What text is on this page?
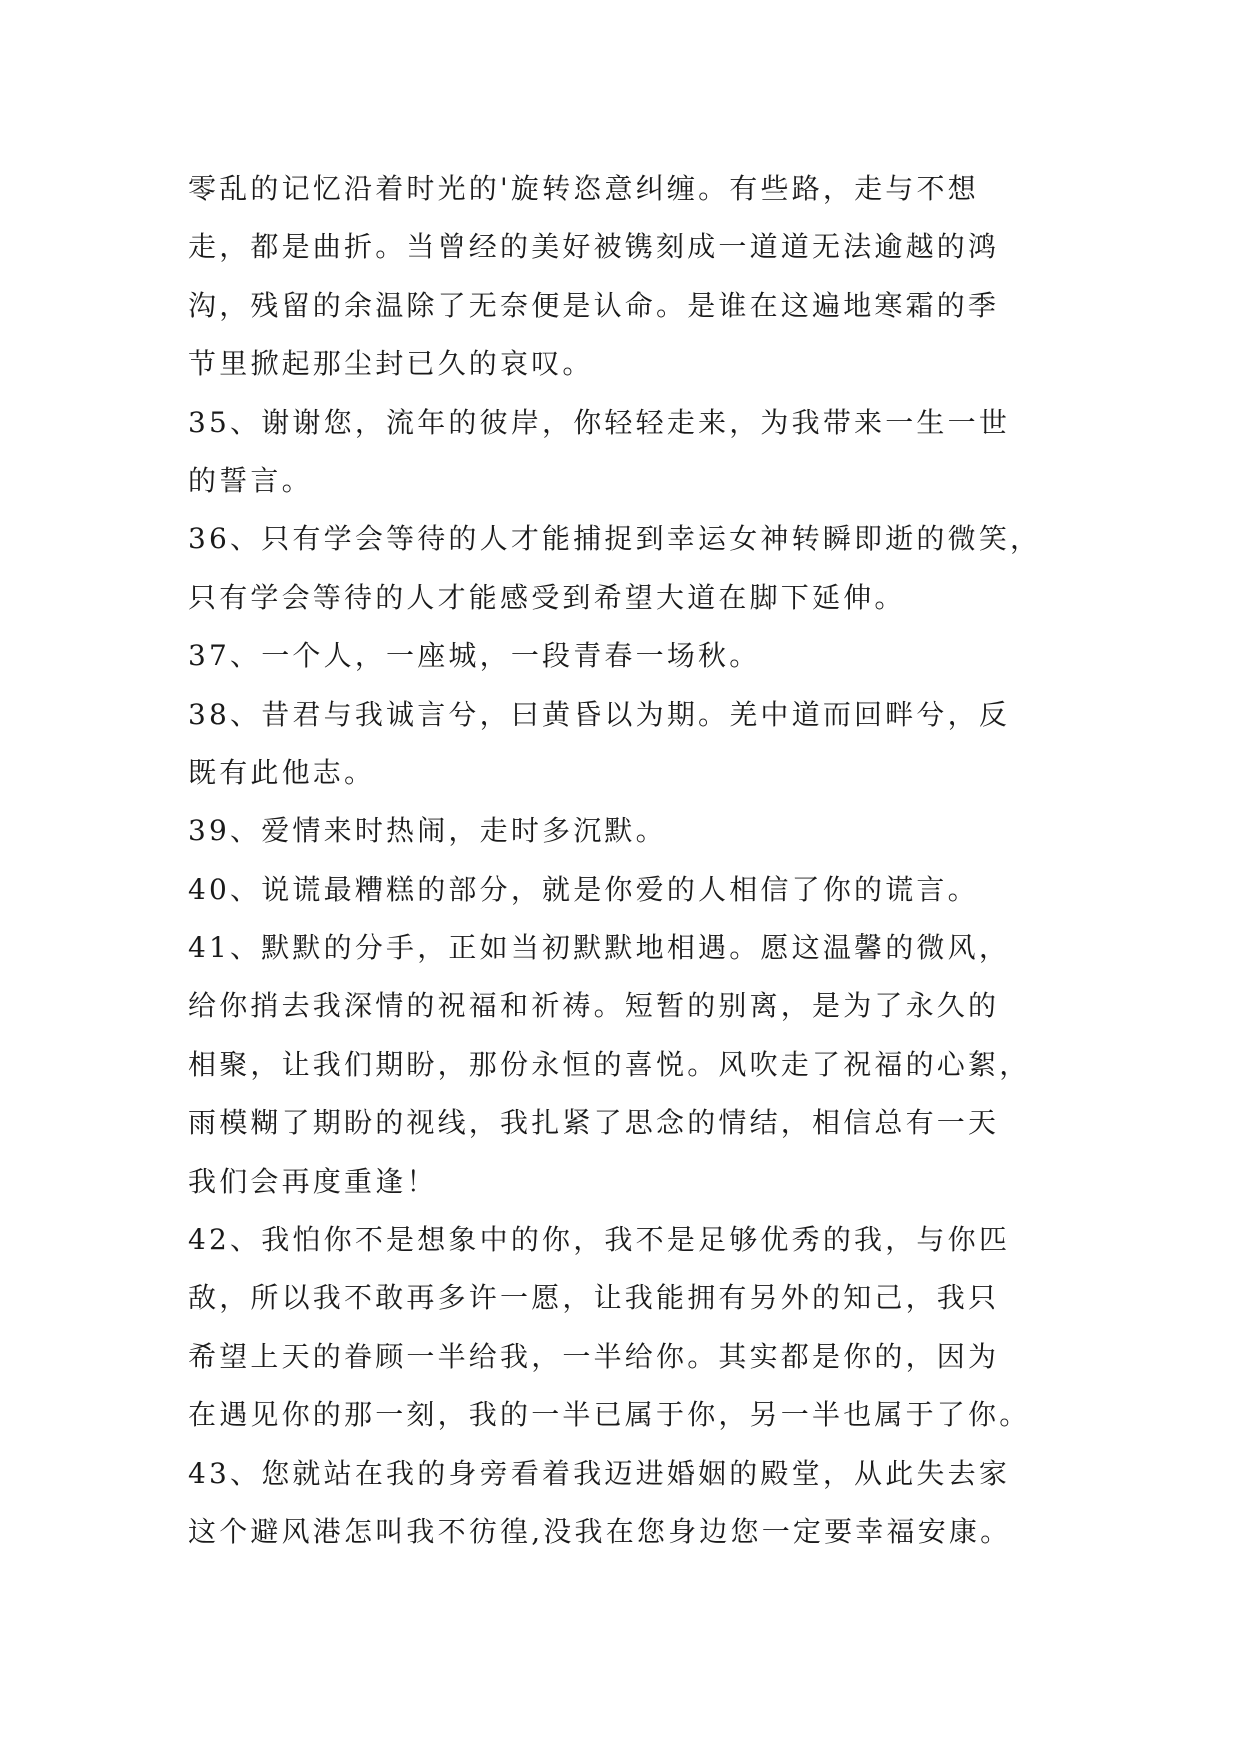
零乱的记忆沿着时光的'旋转恣意纠缠。有些路，走与不想
走，都是曲折。当曾经的美好被镌刻成一道道无法逾越的鸿
沟，残留的余温除了无奈便是认命。是谁在这遍地寒霜的季
节里掀起那尘封已久的哀叹。
35、谢谢您，流年的彼岸，你轻轻走来，为我带来一生一世
的誓言。
36、只有学会等待的人才能捕捉到幸运女神转瞬即逝的微笑，
只有学会等待的人才能感受到希望大道在脚下延伸。
37、一个人，一座城，一段青春一场秋。
38、昔君与我诚言兮，曰黄昏以为期。羌中道而回畔兮，反
既有此他志。
39、爱情来时热闹，走时多沉默。
40、说谎最糟糕的部分，就是你爱的人相信了你的谎言。
41、默默的分手，正如当初默默地相遇。愿这温馨的微风，
给你捎去我深情的祝福和祈祷。短暂的别离，是为了永久的
相聚，让我们期盼，那份永恒的喜悦。风吹走了祝福的心絮，
雨模糊了期盼的视线，我扎紧了思念的情结，相信总有一天
我们会再度重逢！
42、我怕你不是想象中的你，我不是足够优秀的我，与你匹
敌，所以我不敢再多许一愿，让我能拥有另外的知己，我只
希望上天的眷顾一半给我，一半给你。其实都是你的，因为
在遇见你的那一刻，我的一半已属于你，另一半也属于了你。
43、您就站在我的身旁看着我迈进婚姻的殿堂，从此失去家
这个避风港怎叫我不彷徨,没我在您身边您一定要幸福安康。
